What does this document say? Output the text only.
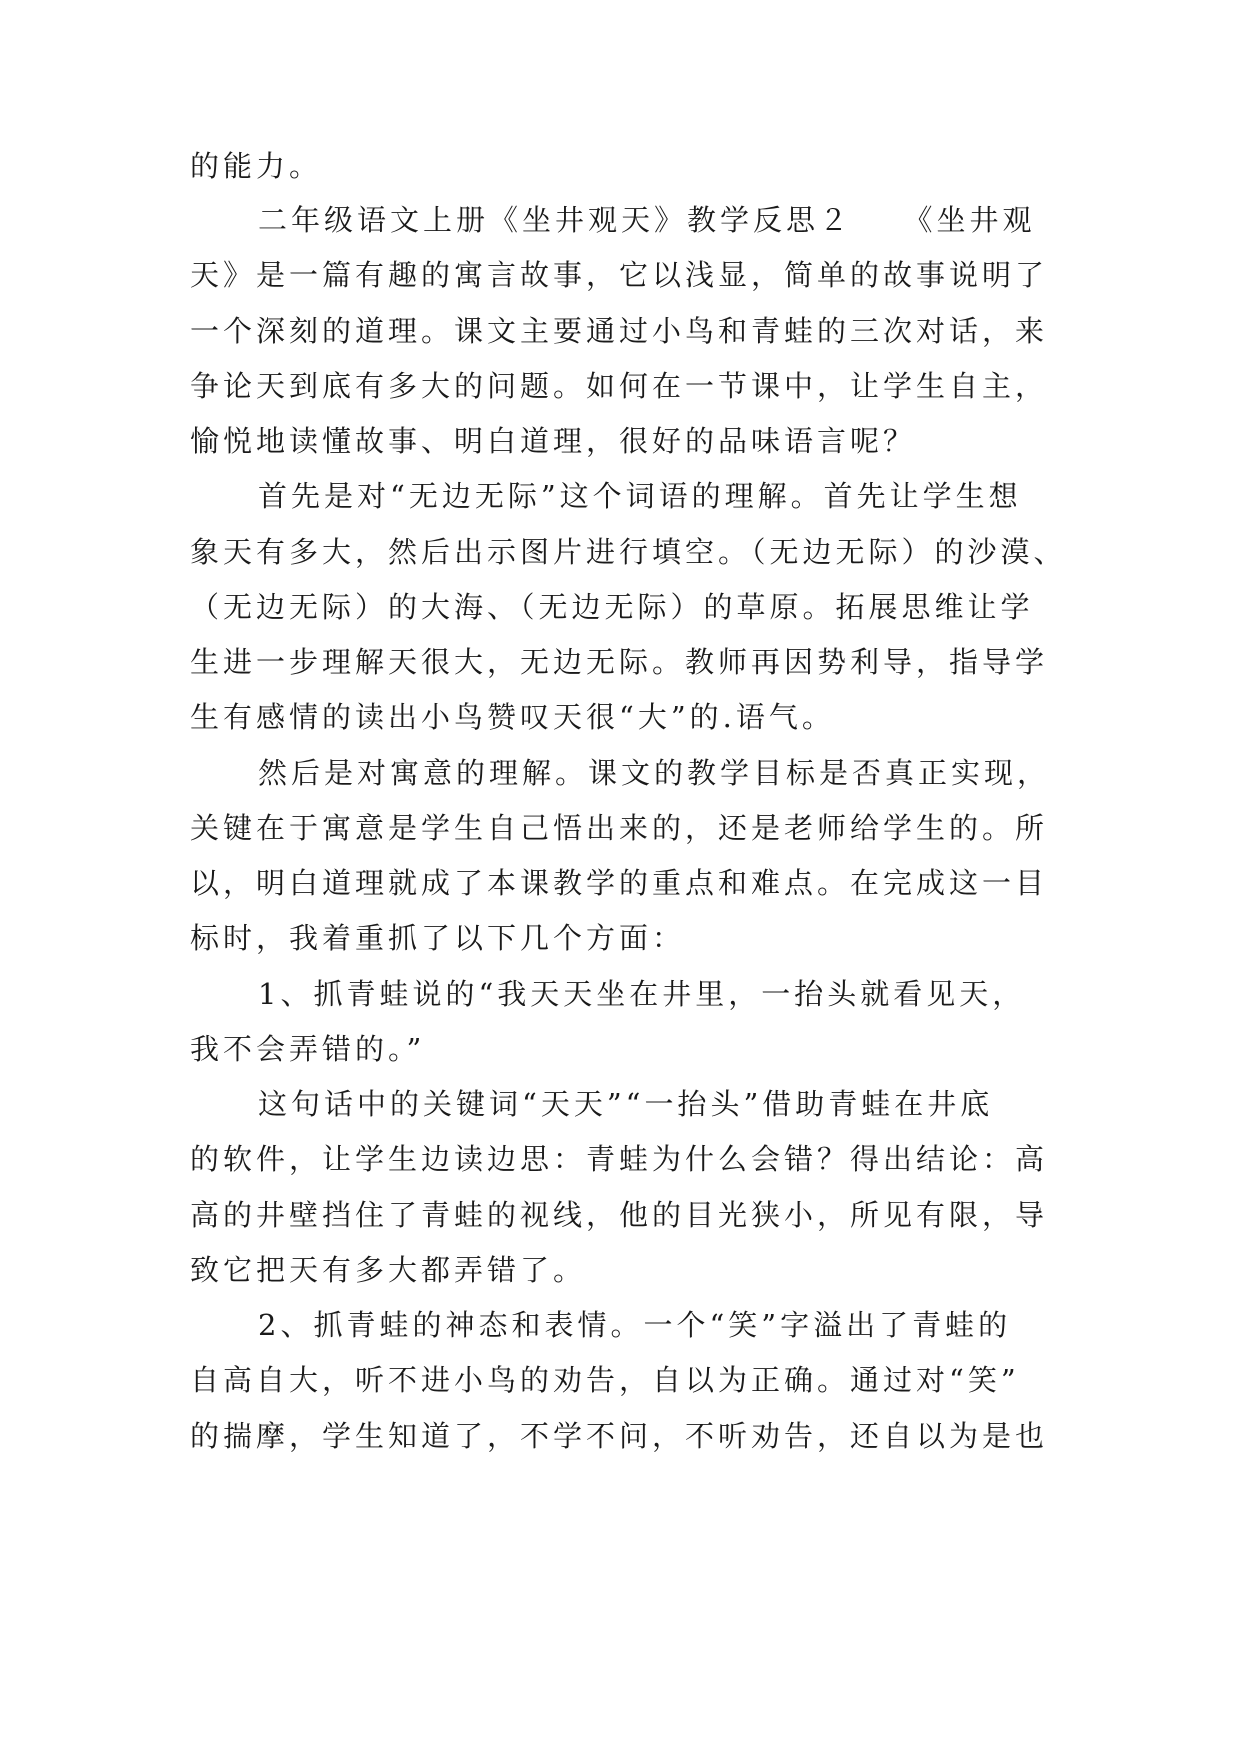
的能力。
二年级语文上册《坐井观天》教学反思２　　《坐井观
天》是一篇有趣的寓言故事，它以浅显，简单的故事说明了
一个深刻的道理。课文主要通过小鸟和青蛙的三次对话，来
争论天到底有多大的问题。如何在一节课中，让学生自主，
愉悦地读懂故事、明白道理，很好的品味语言呢？
首先是对“无边无际”这个词语的理解。首先让学生想
象天有多大，然后出示图片进行填空。（无边无际）的沙漠、
（无边无际）的大海、（无边无际）的草原。拓展思维让学
生进一步理解天很大，无边无际。教师再因势利导，指导学
生有感情的读出小鸟赞叹天很“大”的.语气。
然后是对寓意的理解。课文的教学目标是否真正实现，
关键在于寓意是学生自己悟出来的，还是老师给学生的。所
以，明白道理就成了本课教学的重点和难点。在完成这一目
标时，我着重抓了以下几个方面：
1、抓青蛙说的“我天天坐在井里，一抬头就看见天，
我不会弄错的。”
这句话中的关键词“天天”“一抬头”借助青蛙在井底
的软件，让学生边读边思：青蛙为什么会错？得出结论：高
高的井壁挡住了青蛙的视线，他的目光狭小，所见有限，导
致它把天有多大都弄错了。
2、抓青蛙的神态和表情。一个“笑”字溢出了青蛙的
自高自大，听不进小鸟的劝告，自以为正确。通过对“笑”
的揣摩，学生知道了，不学不问，不听劝告，还自以为是也
